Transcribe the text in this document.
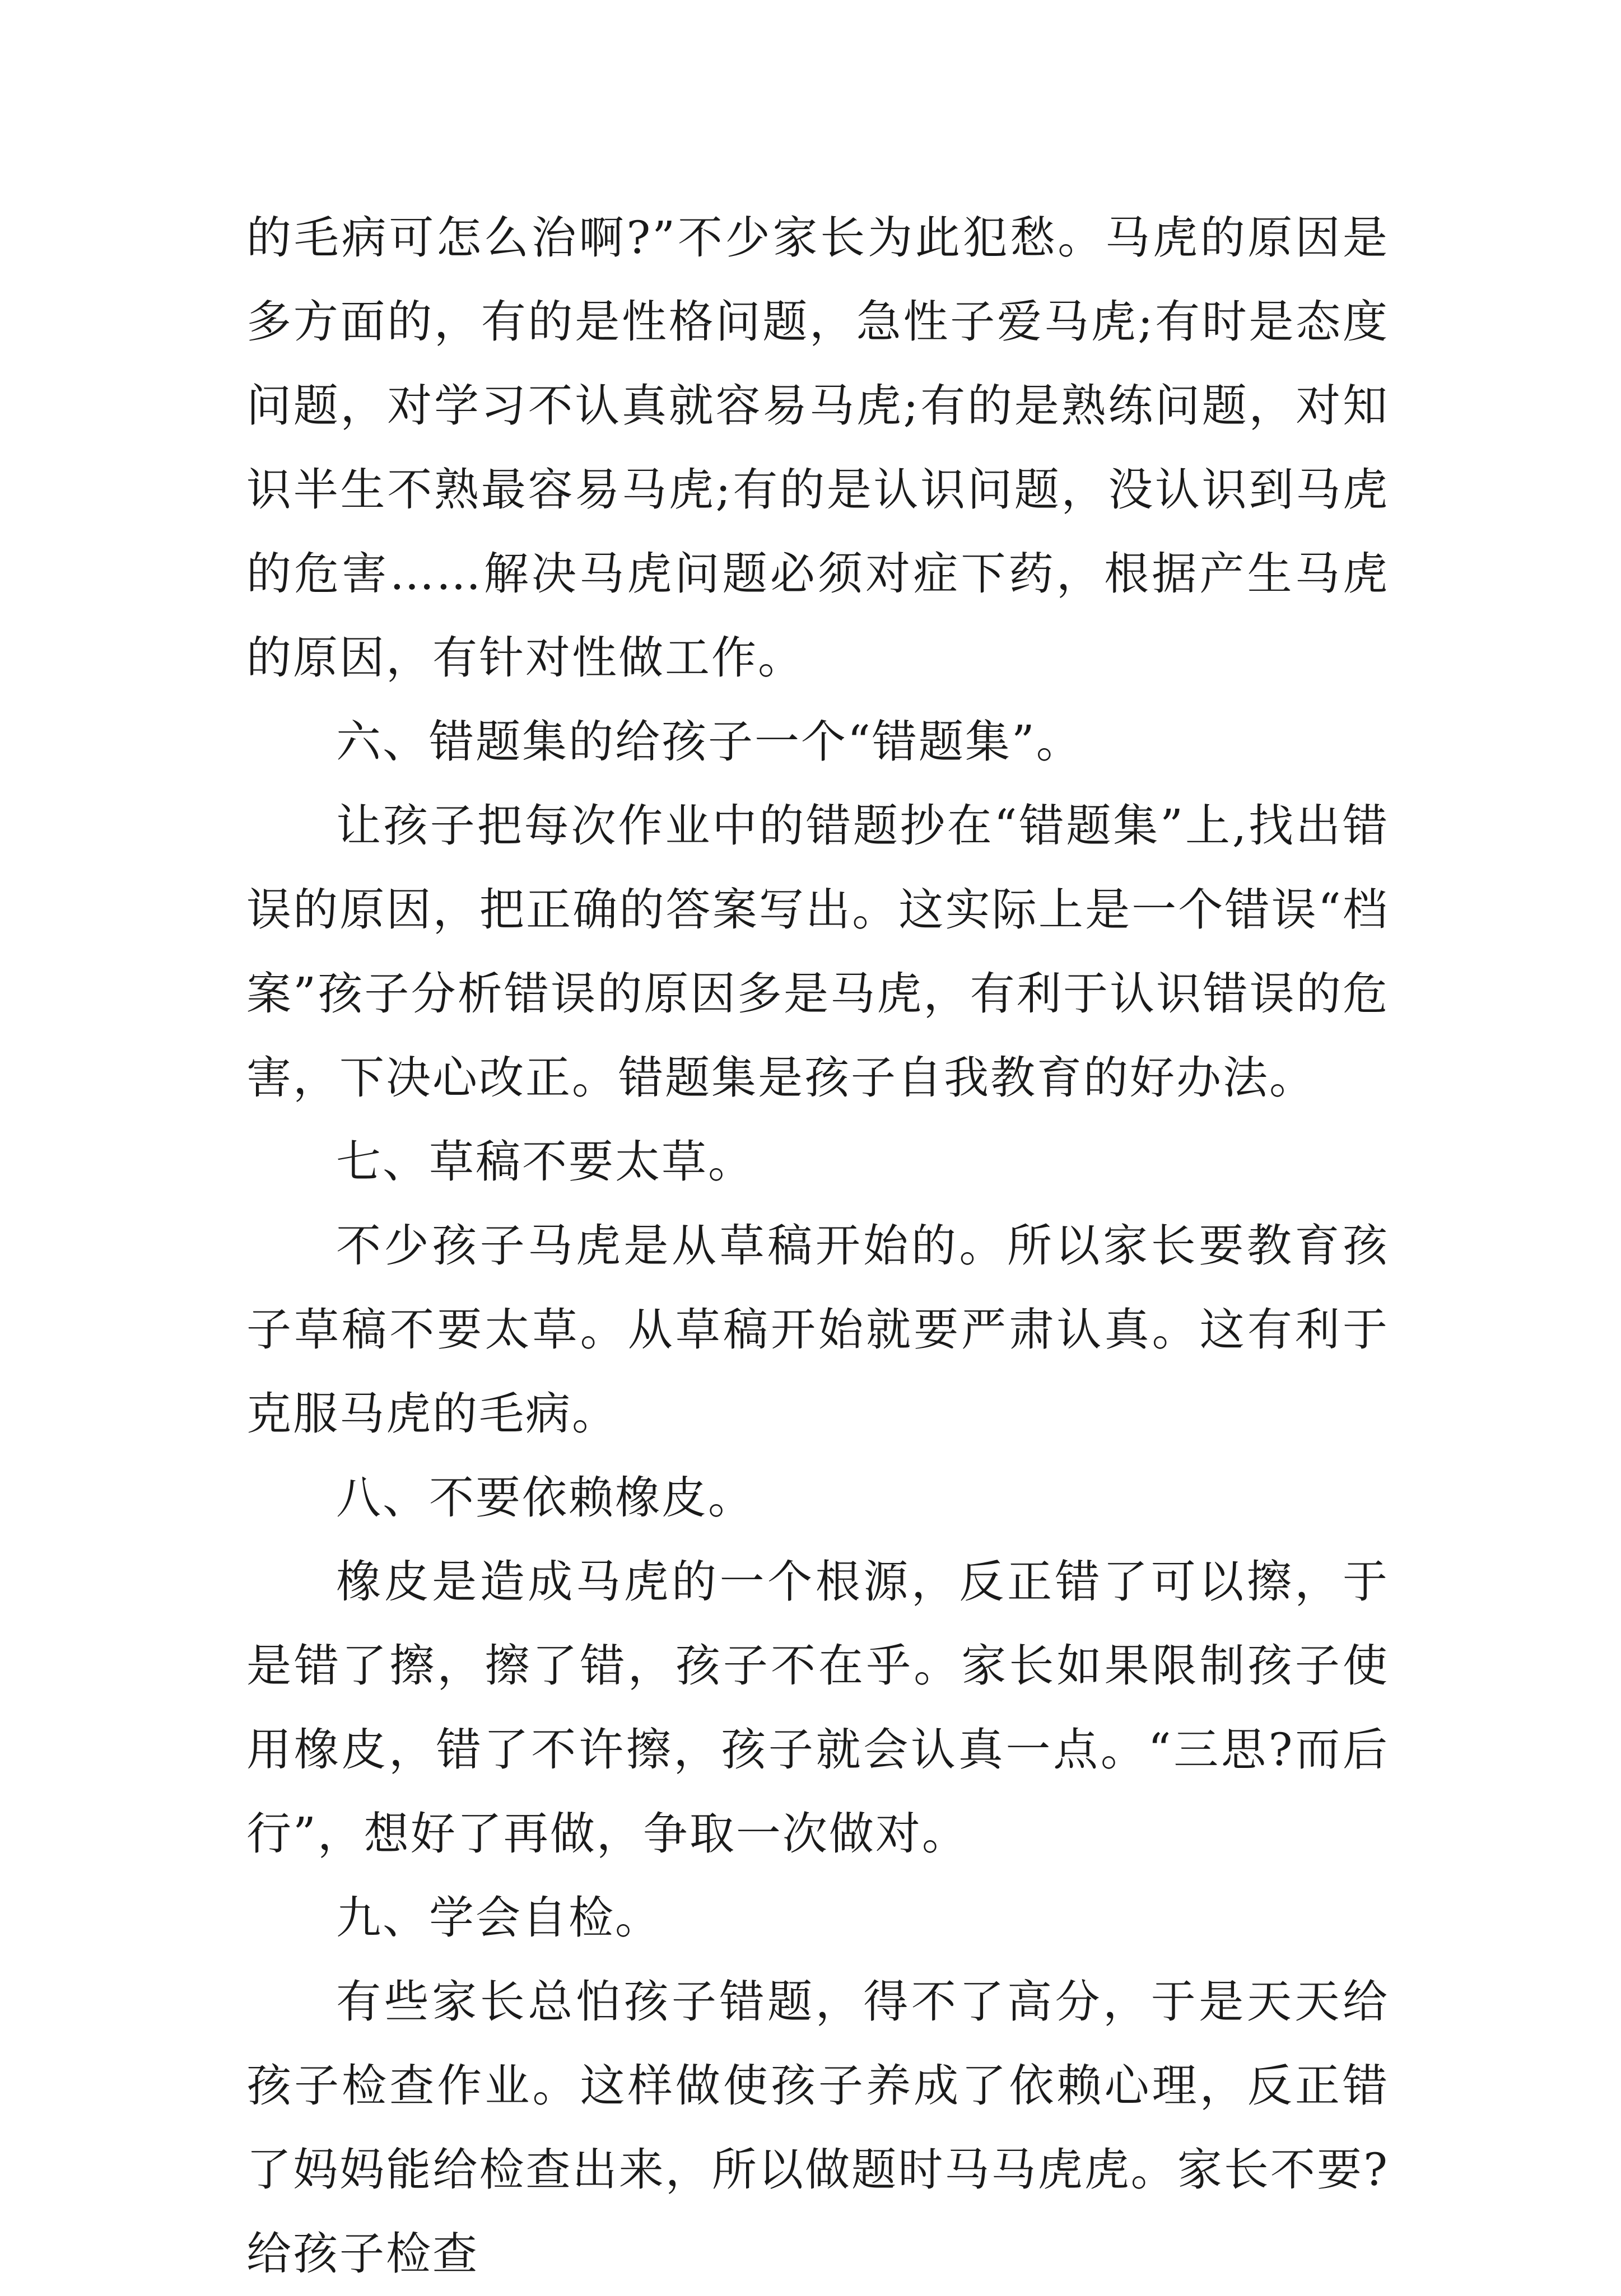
的毛病可怎么治啊?”不少家长为此犯愁。马虎的原因是多方面的，有的是性格问题，急性子爱马虎;有时是态度问题，对学习不认真就容易马虎;有的是熟练问题，对知识半生不熟最容易马虎;有的是认识问题，没认识到马虎的危害……解决马虎问题必须对症下药，根据产生马虎的原因，有针对性做工作。

六、错题集的给孩子一个“错题集”。

让孩子把每次作业中的错题抄在“错题集”上,找出错误的原因，把正确的答案写出。这实际上是一个错误“档案”孩子分析错误的原因多是马虎，有利于认识错误的危害，下决心改正。错题集是孩子自我教育的好办法。

七、草稿不要太草。

不少孩子马虎是从草稿开始的。所以家长要教育孩子草稿不要太草。从草稿开始就要严肃认真。这有利于克服马虎的毛病。

八、不要依赖橡皮。

橡皮是造成马虎的一个根源，反正错了可以擦，于是错了擦，擦了错，孩子不在乎。家长如果限制孩子使用橡皮，错了不许擦，孩子就会认真一点。“三思?而后行”，想好了再做，争取一次做对。

九、学会自检。

有些家长总怕孩子错题，得不了高分，于是天天给孩子检查作业。这样做使孩子养成了依赖心理，反正错了妈妈能给检查出来，所以做题时马马虎虎。家长不要?给孩子检查
